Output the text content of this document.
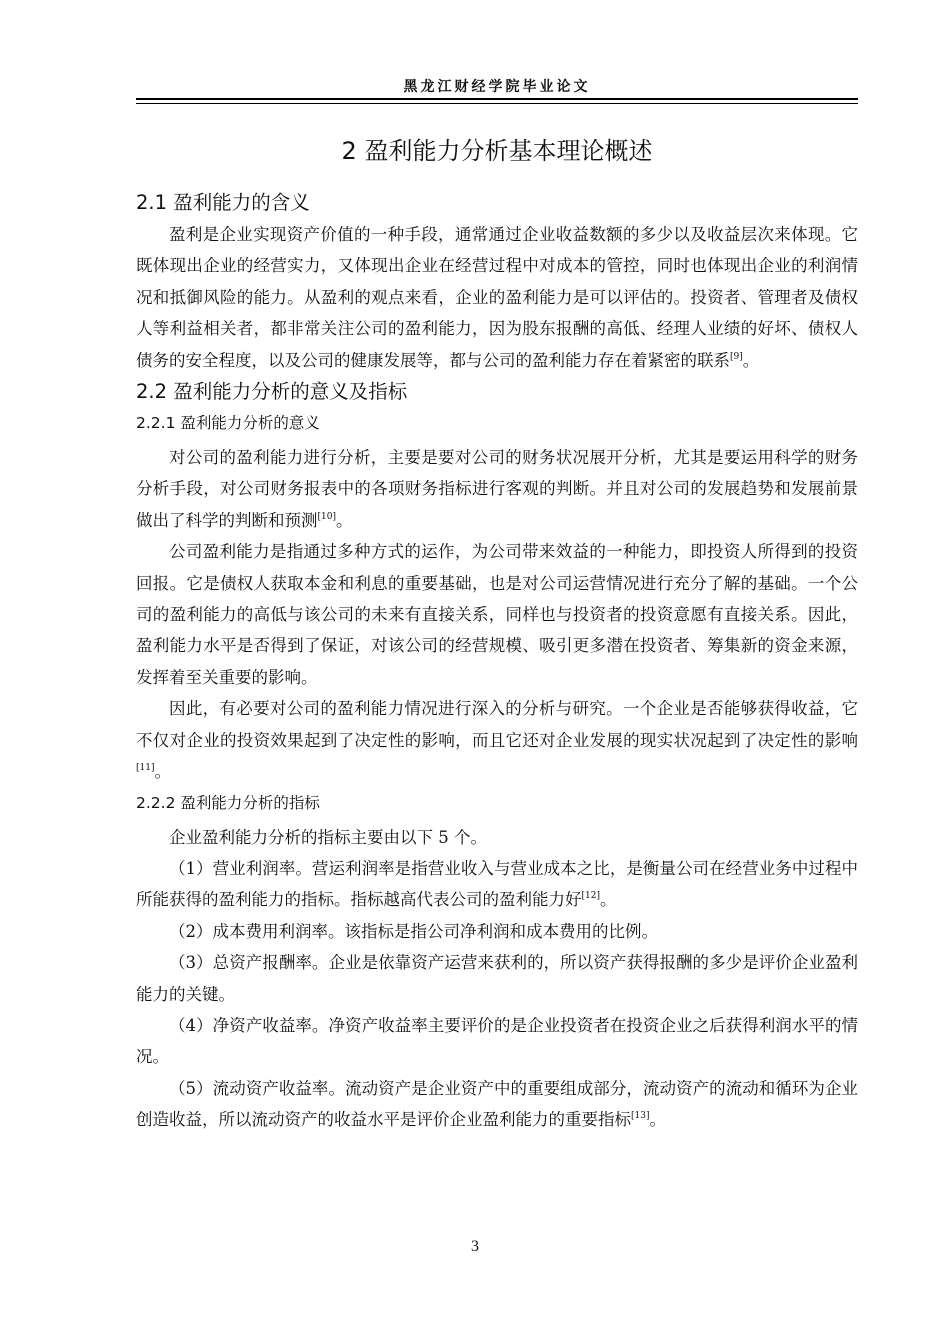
黑龙江财经学院毕业论文
2 盈利能力分析基本理论概述
2.1 盈利能力的含义

盈利是企业实现资产价值的一种手段，通常通过企业收益数额的多少以及收益层次来体现。它既体现出企业的经营实力，又体现出企业在经营过程中对成本的管控，同时也体现出企业的利润情况和抵御风险的能力。从盈利的观点来看，企业的盈利能力是可以评估的。投资者、管理者及债权人等利益相关者，都非常关注公司的盈利能力，因为股东报酬的高低、经理人业绩的好坏、债权人债务的安全程度，以及公司的健康发展等，都与公司的盈利能力存在着紧密的联系[9]。

2.2 盈利能力分析的意义及指标
2.2.1 盈利能力分析的意义

对公司的盈利能力进行分析，主要是要对公司的财务状况展开分析，尤其是要运用科学的财务分析手段，对公司财务报表中的各项财务指标进行客观的判断。并且对公司的发展趋势和发展前景做出了科学的判断和预测[10]。

公司盈利能力是指通过多种方式的运作，为公司带来效益的一种能力，即投资人所得到的投资回报。它是债权人获取本金和利息的重要基础，也是对公司运营情况进行充分了解的基础。一个公司的盈利能力的高低与该公司的未来有直接关系，同样也与投资者的投资意愿有直接关系。因此，盈利能力水平是否得到了保证，对该公司的经营规模、吸引更多潜在投资者、筹集新的资金来源，发挥着至关重要的影响。

因此，有必要对公司的盈利能力情况进行深入的分析与研究。一个企业是否能够获得收益，它不仅对企业的投资效果起到了决定性的影响，而且它还对企业发展的现实状况起到了决定性的影响[11]。

2.2.2 盈利能力分析的指标

企业盈利能力分析的指标主要由以下 5 个。

（1）营业利润率。营运利润率是指营业收入与营业成本之比，是衡量公司在经营业务中过程中所能获得的盈利能力的指标。指标越高代表公司的盈利能力好[12]。

（2）成本费用利润率。该指标是指公司净利润和成本费用的比例。

（3）总资产报酬率。企业是依靠资产运营来获利的，所以资产获得报酬的多少是评价企业盈利能力的关键。

（4）净资产收益率。净资产收益率主要评价的是企业投资者在投资企业之后获得利润水平的情况。

（5）流动资产收益率。流动资产是企业资产中的重要组成部分，流动资产的流动和循环为企业创造收益，所以流动资产的收益水平是评价企业盈利能力的重要指标[13]。

3
